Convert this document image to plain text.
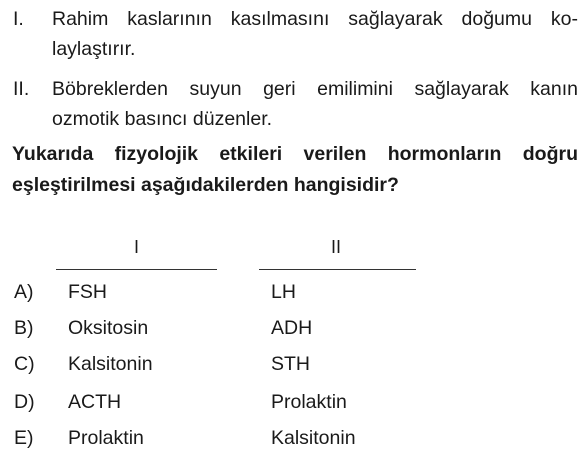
I. Rahim kaslarının kasılmasını sağlayarak doğumu ko-
laylaştırır.
II. Böbreklerden suyun geri emilimini sağlayarak kanın
ozmotik basıncı düzenler.
Yukarıda fizyolojik etkileri verilen hormonların doğru
eşleştirilmesi aşağıdakilerden hangisidir?
I	II
A) FSH	LH
B) Oksitosin	ADH
C) Kalsitonin	STH
D) ACTH	Prolaktin
E) Prolaktin	Kalsitonin
